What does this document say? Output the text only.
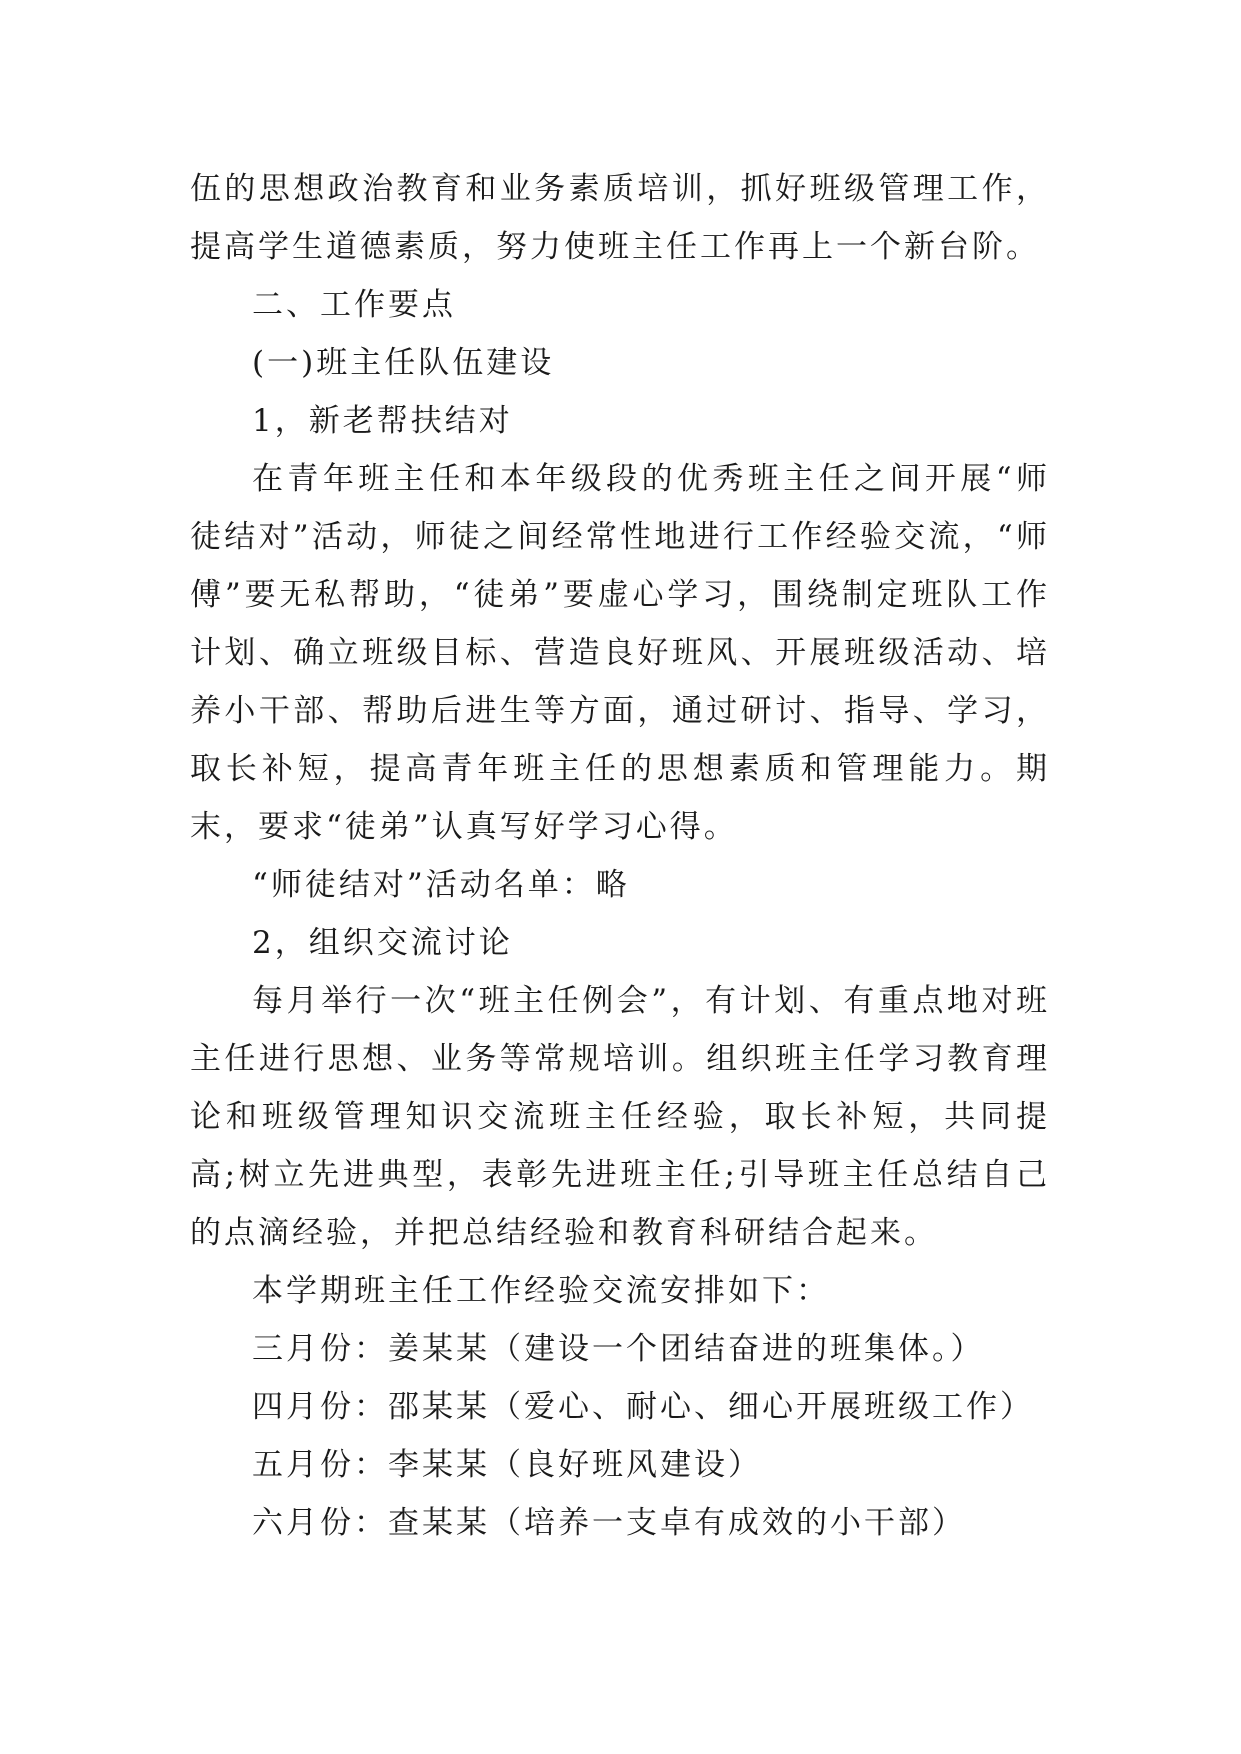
伍的思想政治教育和业务素质培训，抓好班级管理工作，提高学生道德素质，努力使班主任工作再上一个新台阶。

二、工作要点

(一)班主任队伍建设

1，新老帮扶结对

在青年班主任和本年级段的优秀班主任之间开展“师徒结对”活动，师徒之间经常性地进行工作经验交流，“师傅”要无私帮助，“徒弟”要虚心学习，围绕制定班队工作计划、确立班级目标、营造良好班风、开展班级活动、培养小干部、帮助后进生等方面，通过研讨、指导、学习，取长补短，提高青年班主任的思想素质和管理能力。期末，要求“徒弟”认真写好学习心得。

“师徒结对”活动名单：略

2，组织交流讨论

每月举行一次“班主任例会”，有计划、有重点地对班主任进行思想、业务等常规培训。组织班主任学习教育理论和班级管理知识交流班主任经验，取长补短，共同提高;树立先进典型，表彰先进班主任;引导班主任总结自己的点滴经验，并把总结经验和教育科研结合起来。

本学期班主任工作经验交流安排如下：

三月份：姜某某（建设一个团结奋进的班集体。）

四月份：邵某某（爱心、耐心、细心开展班级工作）

五月份：李某某（良好班风建设）

六月份：查某某（培养一支卓有成效的小干部）
